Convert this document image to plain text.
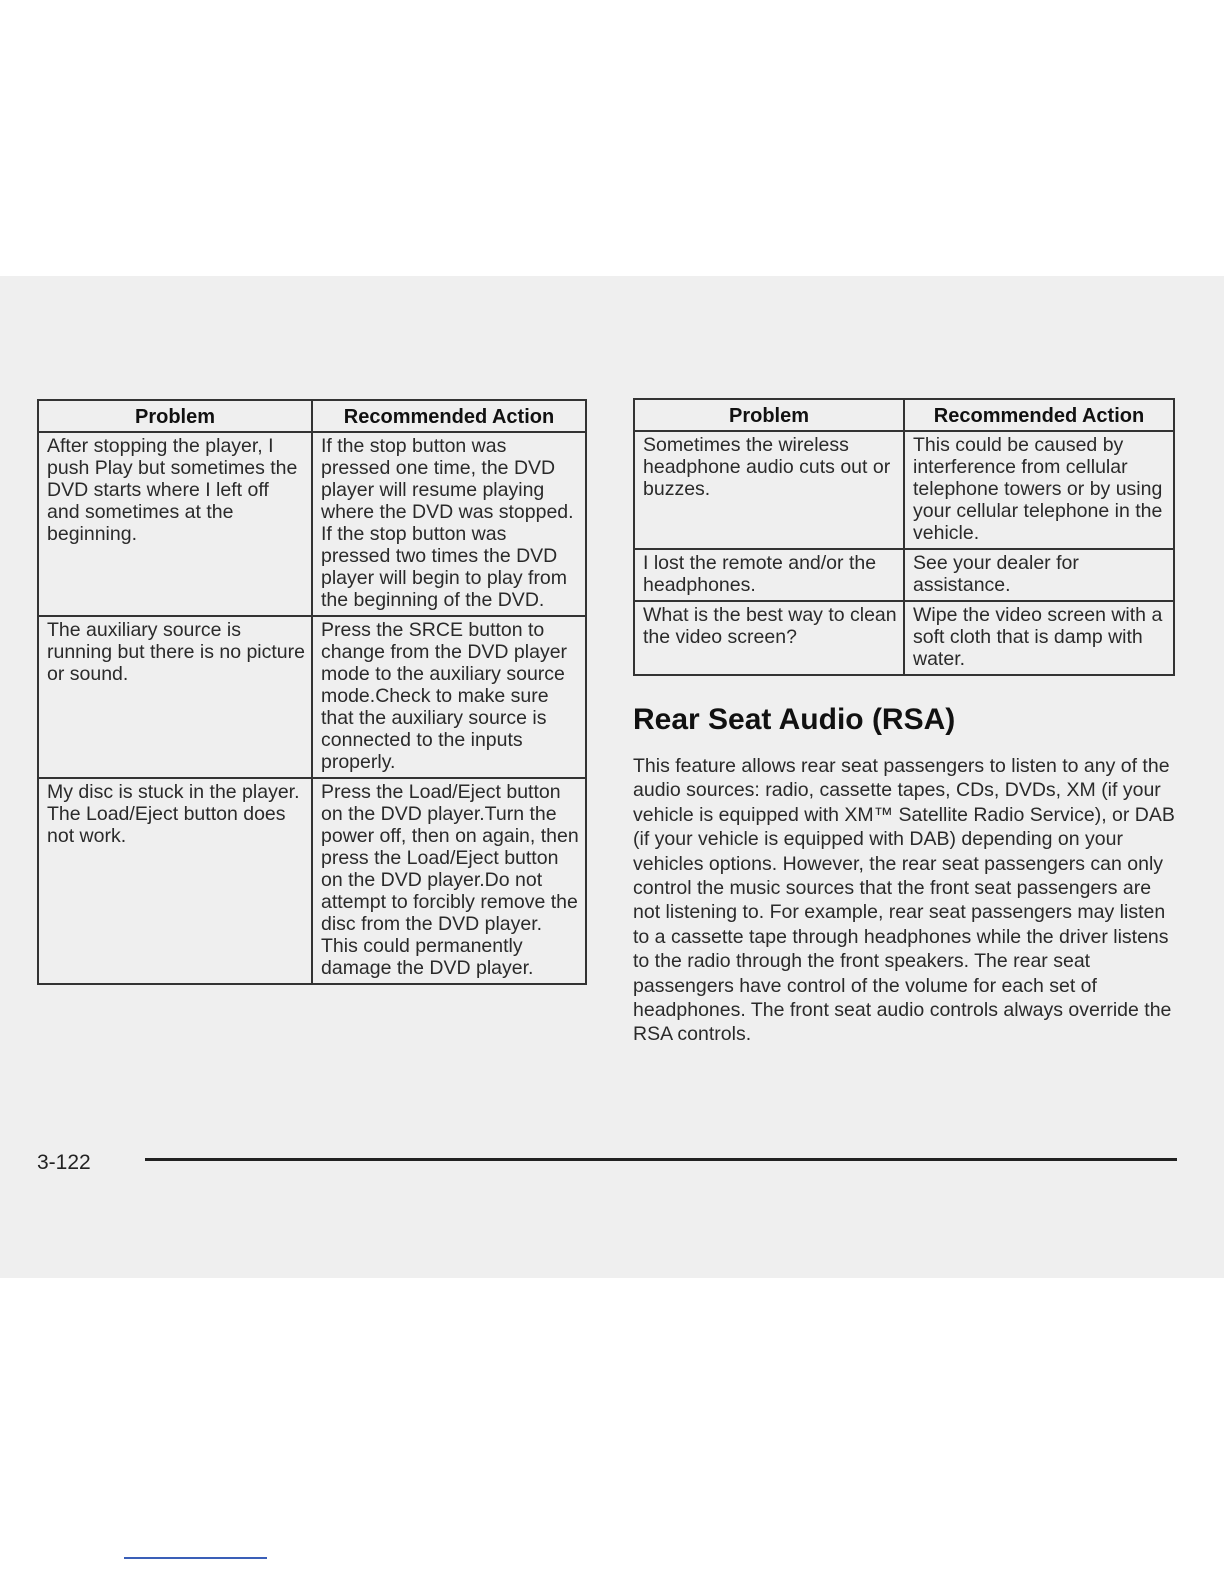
Problem	Recommended Action
After stopping the player, I push Play but sometimes the DVD starts where I left off and sometimes at the beginning.	If the stop button was pressed one time, the DVD player will resume playing where the DVD was stopped. If the stop button was pressed two times the DVD player will begin to play from the beginning of the DVD.
The auxiliary source is running but there is no picture or sound.	Press the SRCE button to change from the DVD player mode to the auxiliary source mode.Check to make sure that the auxiliary source is connected to the inputs properly.
My disc is stuck in the player. The Load/Eject button does not work.	Press the Load/Eject button on the DVD player.Turn the power off, then on again, then press the Load/Eject button on the DVD player.Do not attempt to forcibly remove the disc from the DVD player. This could permanently damage the DVD player.
Problem	Recommended Action
Sometimes the wireless headphone audio cuts out or buzzes.	This could be caused by interference from cellular telephone towers or by using your cellular telephone in the vehicle.
I lost the remote and/or the headphones.	See your dealer for assistance.
What is the best way to clean the video screen?	Wipe the video screen with a soft cloth that is damp with water.
Rear Seat Audio (RSA)

This feature allows rear seat passengers to listen to any of the audio sources: radio, cassette tapes, CDs, DVDs, XM (if your vehicle is equipped with XM™ Satellite Radio Service), or DAB (if your vehicle is equipped with DAB) depending on your vehicles options. However, the rear seat passengers can only control the music sources that the front seat passengers are not listening to. For example, rear seat passengers may listen to a cassette tape through headphones while the driver listens to the radio through the front speakers. The rear seat passengers have control of the volume for each set of headphones. The front seat audio controls always override the RSA controls.

3-122
